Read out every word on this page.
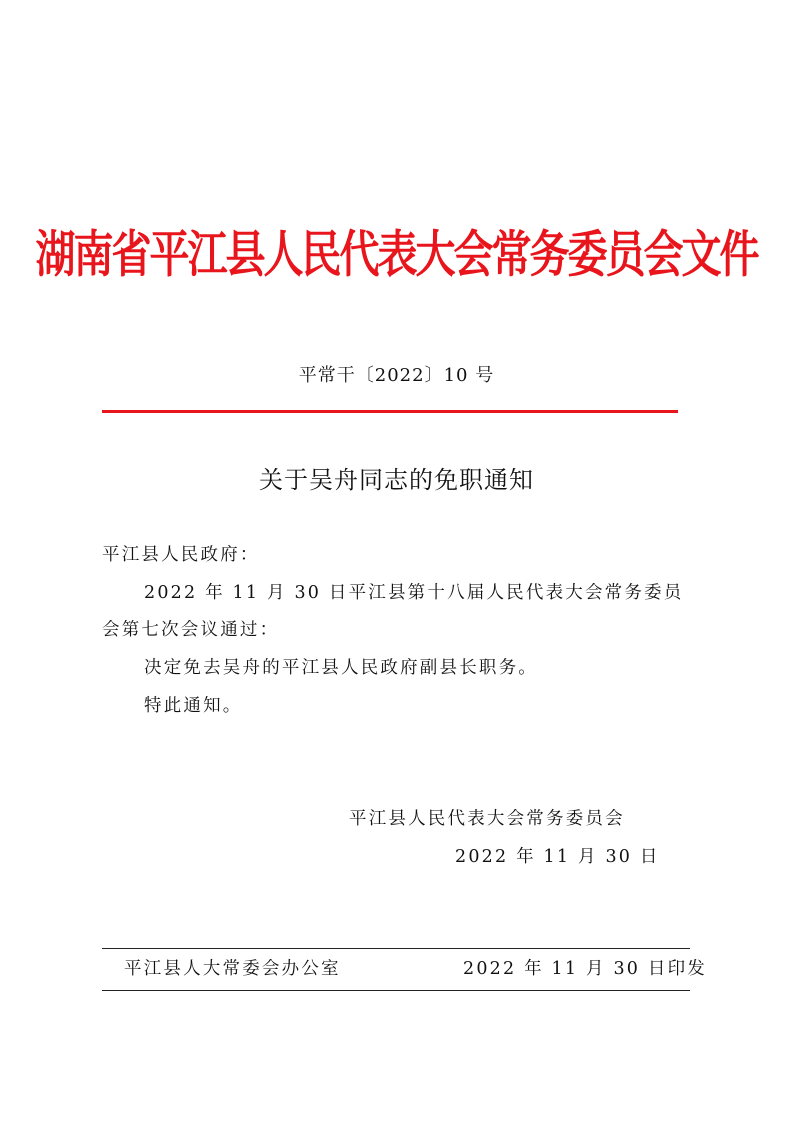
湖南省平江县人民代表大会常务委员会文件
平常干〔2022〕10 号
关于吴舟同志的免职通知
平江县人民政府：
2022 年 11 月 30 日平江县第十八届人民代表大会常务委员
会第七次会议通过：
决定免去吴舟的平江县人民政府副县长职务。
特此通知。
平江县人民代表大会常务委员会
2022 年 11 月 30 日
平江县人大常委会办公室	2022 年 11 月 30 日印发
